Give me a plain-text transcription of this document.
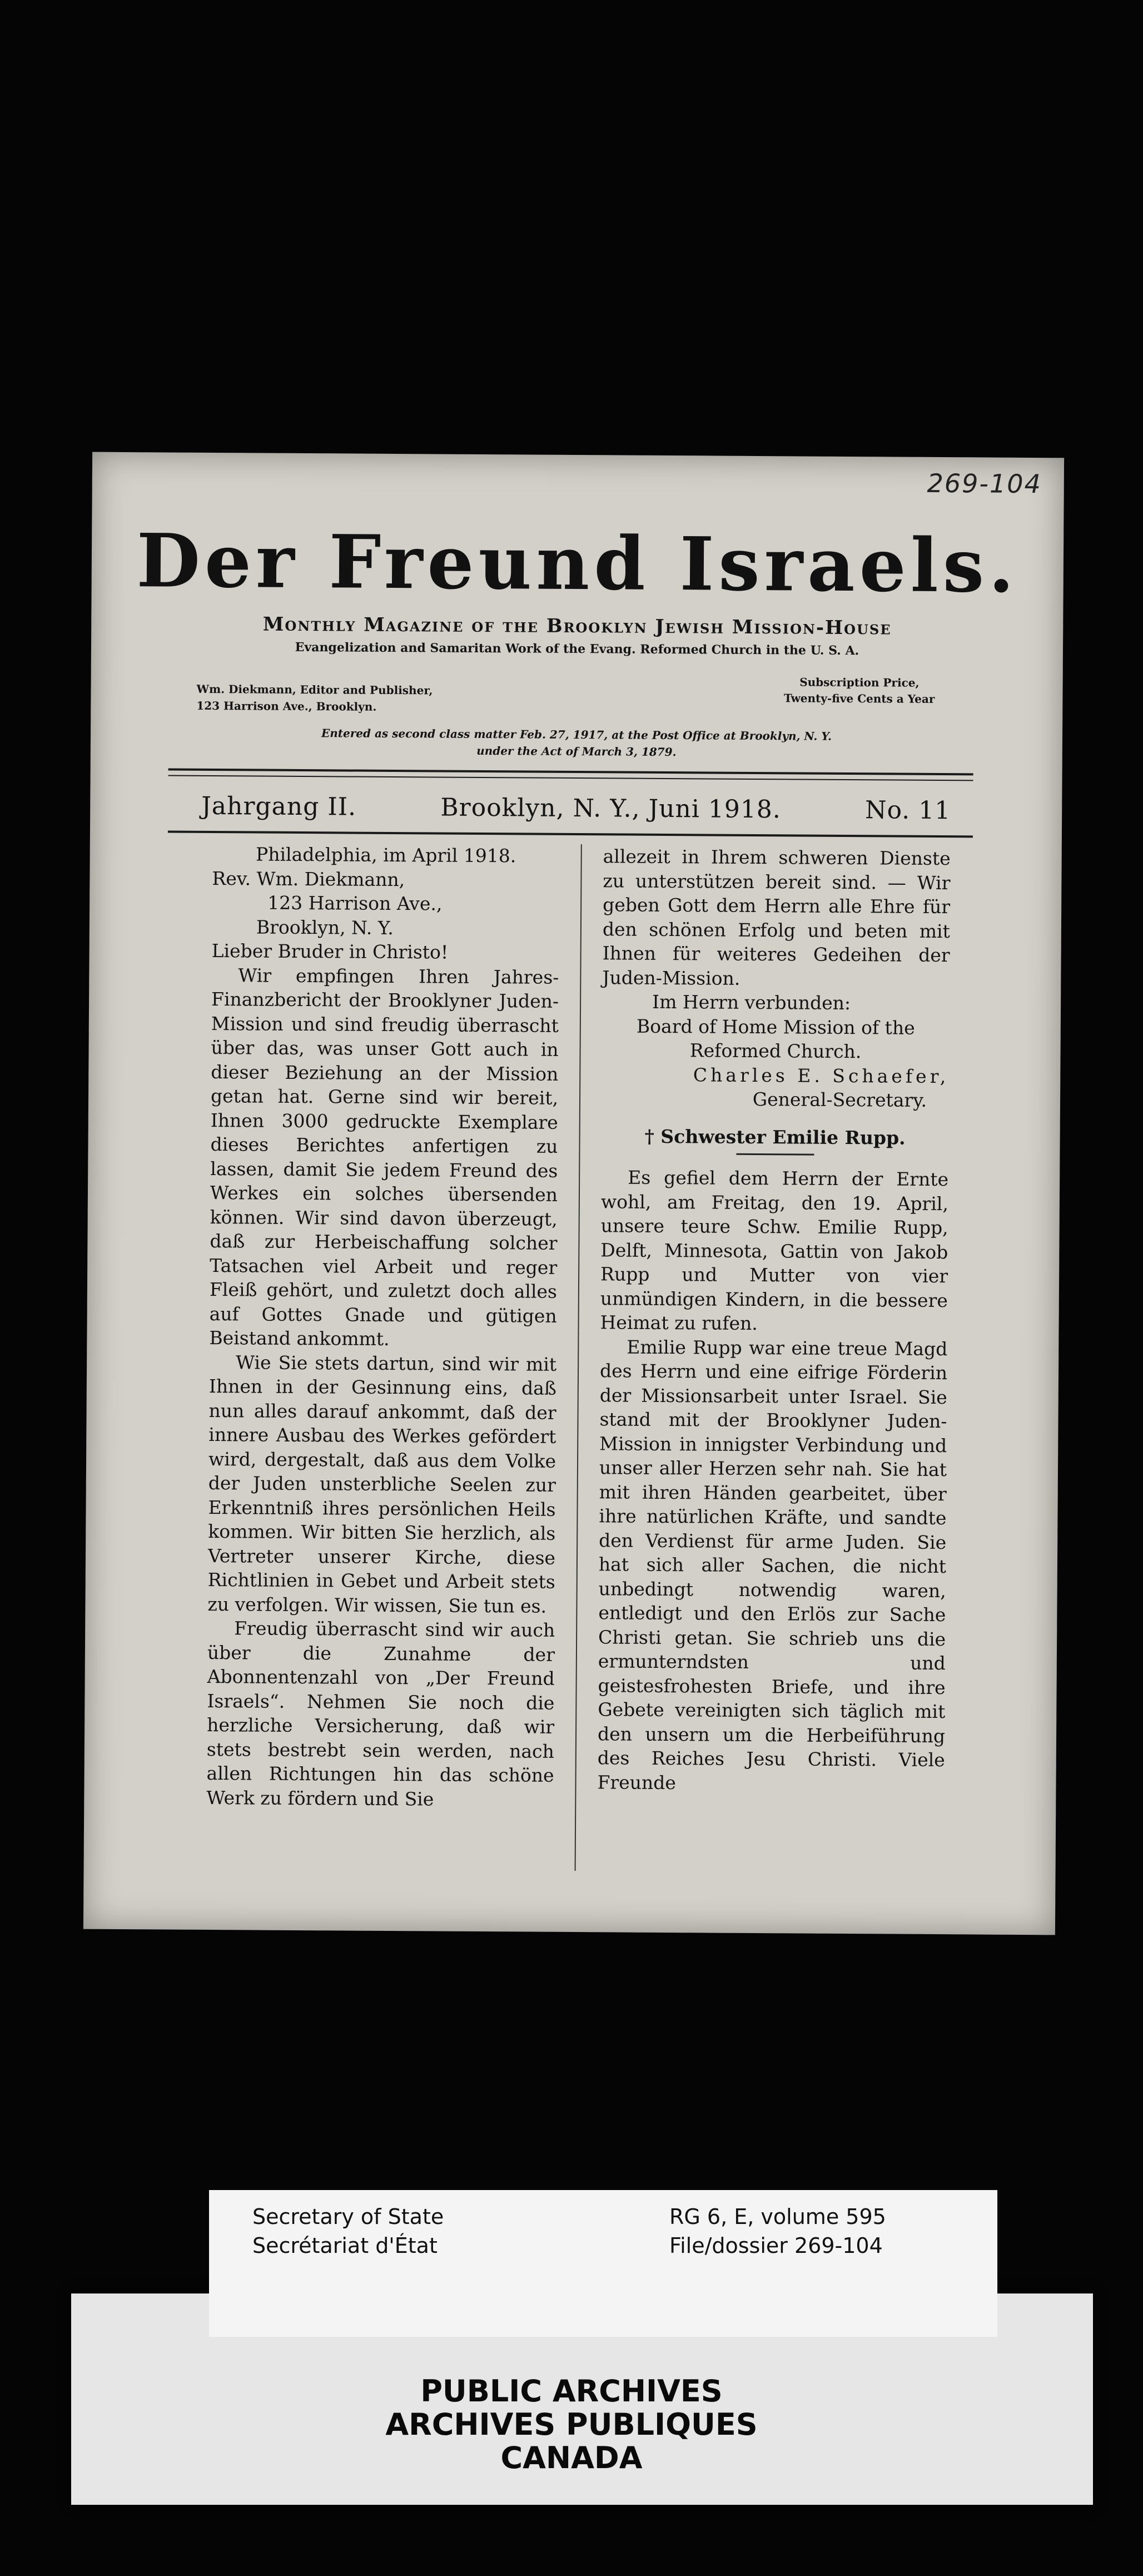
269-104
Der Freund Israels.
Monthly Magazine of the Brooklyn Jewish Mission-House
Evangelization and Samaritan Work of the Evang. Reformed Church in the U. S. A.
Wm. Diekmann, Editor and Publisher,
123 Harrison Ave., Brooklyn.
Subscription Price,
Twenty-five Cents a Year
Entered as second class matter Feb. 27, 1917, at the Post Office at Brooklyn, N. Y.
under the Act of March 3, 1879.
Jahrgang II.	Brooklyn, N. Y., Juni 1918.	No. 11
Philadelphia, im April 1918.
Rev. Wm. Diekmann,
123 Harrison Ave.,
Brooklyn, N. Y.
Lieber Bruder in Christo!

Wir empfingen Ihren Jahres-Finanzbericht der Brooklyner Juden-Mission und sind freudig überrascht über das, was unser Gott auch in dieser Beziehung an der Mission getan hat. Gerne sind wir bereit, Ihnen 3000 gedruckte Exemplare dieses Berichtes anfertigen zu lassen, damit Sie jedem Freund des Werkes ein solches übersenden können. Wir sind davon überzeugt, daß zur Herbeischaffung solcher Tatsachen viel Arbeit und reger Fleiß gehört, und zuletzt doch alles auf Gottes Gnade und gütigen Beistand ankommt.

Wie Sie stets dartun, sind wir mit Ihnen in der Gesinnung eins, daß nun alles darauf ankommt, daß der innere Ausbau des Werkes gefördert wird, dergestalt, daß aus dem Volke der Juden unsterbliche Seelen zur Erkenntniß ihres persönlichen Heils kommen. Wir bitten Sie herzlich, als Vertreter unserer Kirche, diese Richtlinien in Gebet und Arbeit stets zu verfolgen. Wir wissen, Sie tun es.

Freudig überrascht sind wir auch über die Zunahme der Abonnentenzahl von „Der Freund Israels“. Nehmen Sie noch die herzliche Versicherung, daß wir stets bestrebt sein werden, nach allen Richtungen hin das schöne Werk zu fördern und Sie

allezeit in Ihrem schweren Dienste zu unterstützen bereit sind. — Wir geben Gott dem Herrn alle Ehre für den schönen Erfolg und beten mit Ihnen für weiteres Gedeihen der Juden-Mission.

Im Herrn verbunden:
Board of Home Mission of the
Reformed Church.
Charles E. Schaefer,
General-Secretary.
† Schwester Emilie Rupp.

Es gefiel dem Herrn der Ernte wohl, am Freitag, den 19. April, unsere teure Schw. Emilie Rupp, Delft, Minnesota, Gattin von Jakob Rupp und Mutter von vier unmündigen Kindern, in die bessere Heimat zu rufen.

Emilie Rupp war eine treue Magd des Herrn und eine eifrige Förderin der Missionsarbeit unter Israel. Sie stand mit der Brooklyner Juden-Mission in innigster Verbindung und unser aller Herzen sehr nah. Sie hat mit ihren Händen gearbeitet, über ihre natürlichen Kräfte, und sandte den Verdienst für arme Juden. Sie hat sich aller Sachen, die nicht unbedingt notwendig waren, entledigt und den Erlös zur Sache Christi getan. Sie schrieb uns die ermunterndsten und geistesfrohesten Briefe, und ihre Gebete vereinigten sich täglich mit den unsern um die Herbeiführung des Reiches Jesu Christi. Viele Freunde

Secretary of State
Secrétariat d'État
RG 6, E, volume 595
File/dossier 269-104
PUBLIC ARCHIVES
ARCHIVES PUBLIQUES
CANADA
